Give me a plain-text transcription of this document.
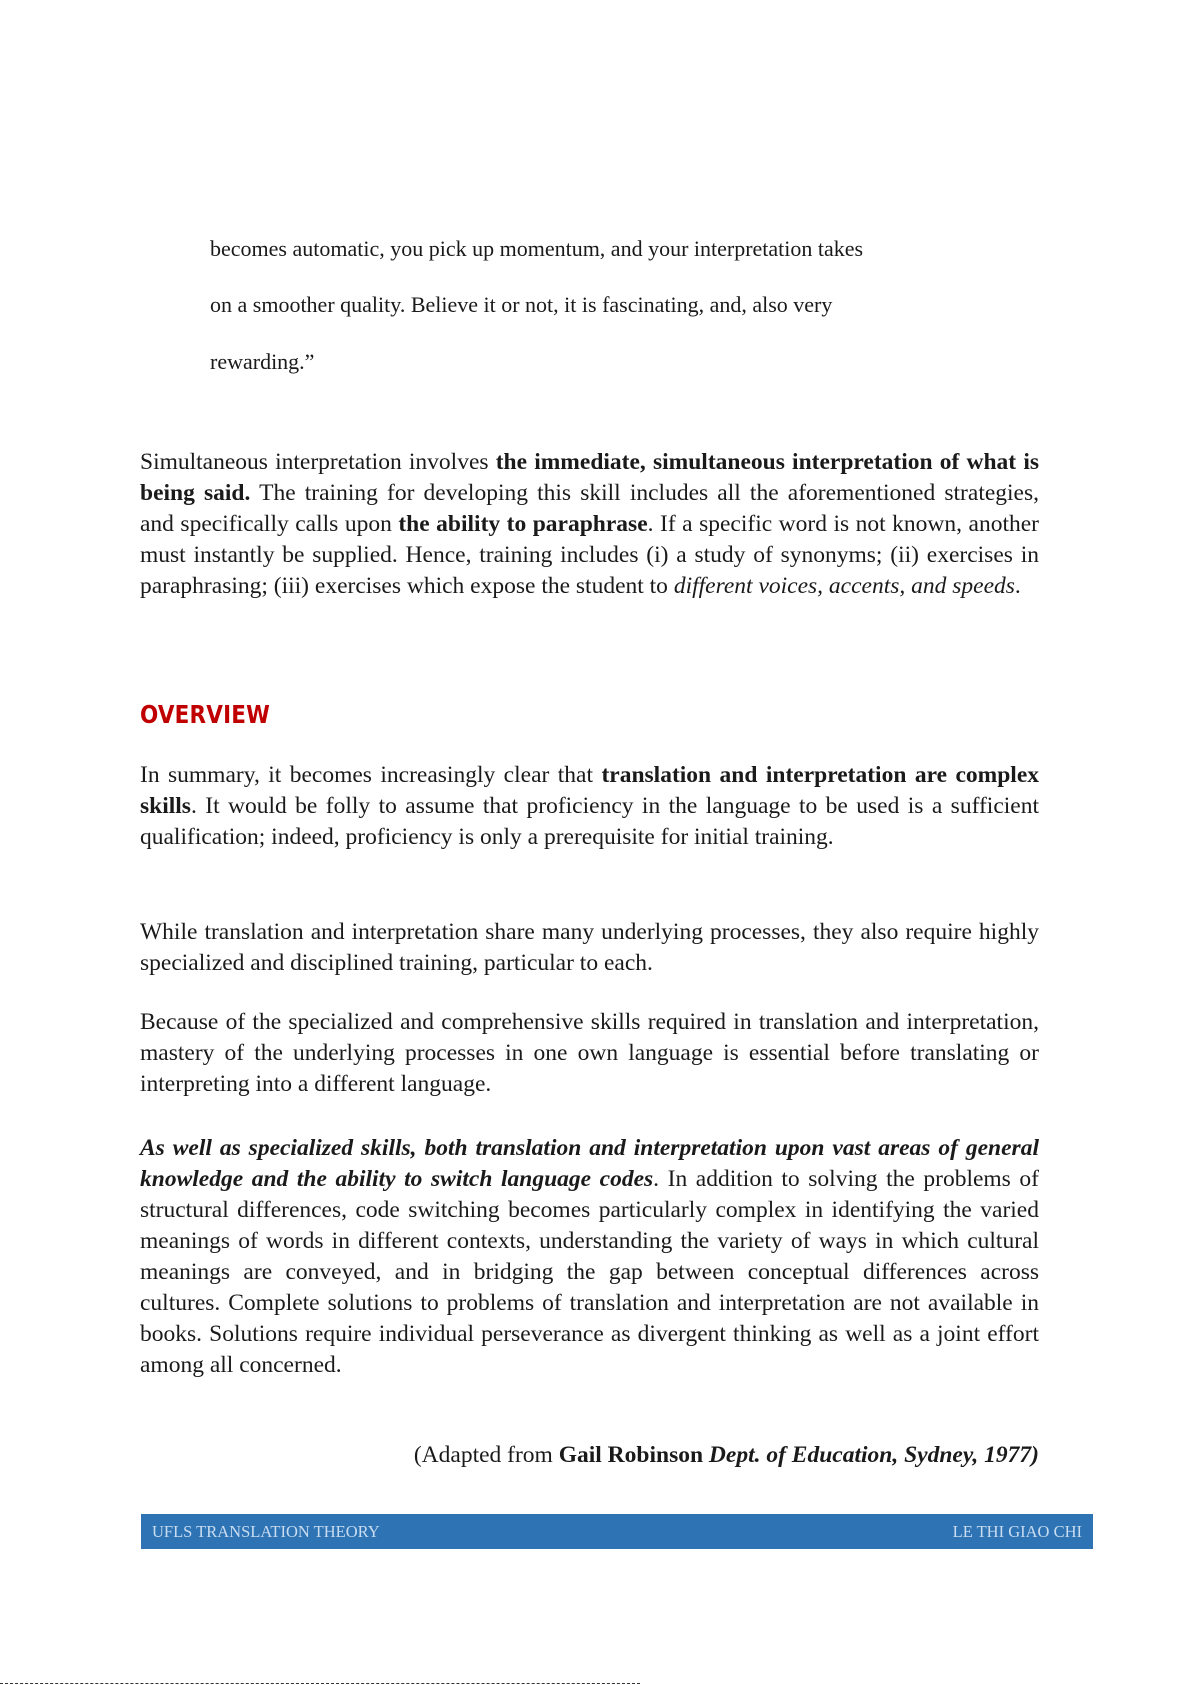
becomes automatic, you pick up momentum, and your interpretation takes
on a smoother quality. Believe it or not, it is fascinating, and, also very
rewarding.”

Simultaneous interpretation involves the immediate, simultaneous interpretation of what is being said. The training for developing this skill includes all the aforementioned strategies, and specifically calls upon the ability to paraphrase. If a specific word is not known, another must instantly be supplied. Hence, training includes (i) a study of synonyms; (ii) exercises in paraphrasing; (iii) exercises which expose the student to different voices, accents, and speeds.

OVERVIEW

In summary, it becomes increasingly clear that translation and interpretation are complex skills. It would be folly to assume that proficiency in the language to be used is a sufficient qualification; indeed, proficiency is only a prerequisite for initial training.

While translation and interpretation share many underlying processes, they also require highly specialized and disciplined training, particular to each.

Because of the specialized and comprehensive skills required in translation and interpretation, mastery of the underlying processes in one own language is essential before translating or interpreting into a different language.

As well as specialized skills, both translation and interpretation upon vast areas of general knowledge and the ability to switch language codes. In addition to solving the problems of structural differences, code switching becomes particularly complex in identifying the varied meanings of words in different contexts, understanding the variety of ways in which cultural meanings are conveyed, and in bridging the gap between conceptual differences across cultures. Complete solutions to problems of translation and interpretation are not available in books. Solutions require individual perseverance as divergent thinking as well as a joint effort among all concerned.

(Adapted from Gail Robinson Dept. of Education, Sydney, 1977)
UFLS TRANSLATION THEORY	LE THI GIAO CHI
